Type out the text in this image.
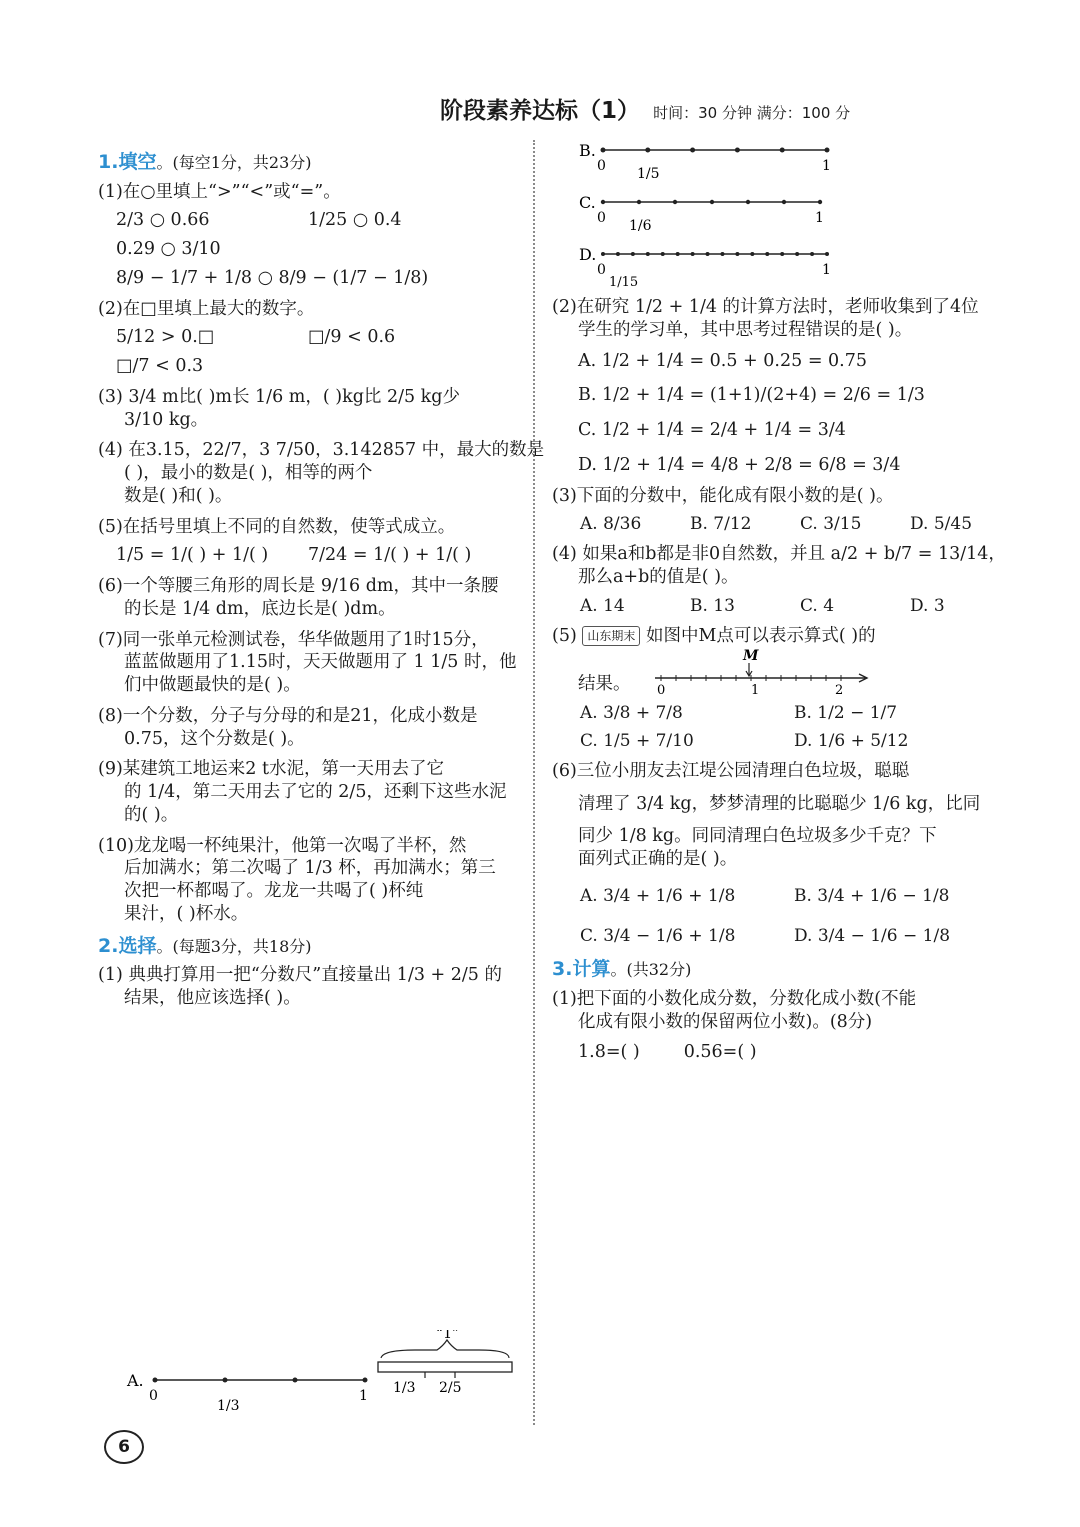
阶段素养达标（1） 时间：30 分钟 满分：100 分
B.
0 1/5	1
C.
0 1/6	1
D.
0
1/15
1
1.填空。(每空1分，共23分)

(1)在○里填上“>”“<”或“=”。

2/3 ○ 0.66	1/25 ○ 0.4

0.29 ○ 3/10

8/9 − 1/7 + 1/8 ○ 8/9 − (1/7 − 1/8)

(2)在□里填上最大的数字。

5/12 > 0.□	□/9 < 0.6

□/7 < 0.3

(3) 3/4 m比( )m长 1/6 m，( )kg比 2/5 kg少

3/10 kg。

(4) 在3.15，22/7，3 7/50，3.142857 中，最大的数是

( )，最小的数是( )，相等的两个

数是( )和( )。

(5)在括号里填上不同的自然数，使等式成立。

1/5 = 1/( ) + 1/( )	7/24 = 1/( ) + 1/( )

(6)一个等腰三角形的周长是 9/16 dm，其中一条腰

的长是 1/4 dm，底边长是( )dm。

(7)同一张单元检测试卷，华华做题用了1时15分，

蓝蓝做题用了1.15时，天天做题用了 1 1/5 时，他

们中做题最快的是( )。

(8)一个分数，分子与分母的和是21，化成小数是

0.75，这个分数是( )。

(9)某建筑工地运来2 t水泥，第一天用去了它

的 1/4，第二天用去了它的 2/5，还剩下这些水泥

的( )。

(10)龙龙喝一杯纯果汁，他第一次喝了半杯，然

后加满水；第二次喝了 1/3 杯，再加满水；第三

次把一杯都喝了。龙龙一共喝了( )杯纯

果汁，( )杯水。

2.选择。(每题3分，共18分)

(1) 典典打算用一把“分数尺”直接量出 1/3 + 2/5 的

结果，他应该选择( )。

A.
0
1/3
1
“1”
1/3 2/5

(2)在研究 1/2 + 1/4 的计算方法时，老师收集到了4位

学生的学习单，其中思考过程错误的是( )。

A. 1/2 + 1/4 = 0.5 + 0.25 = 0.75

B. 1/2 + 1/4 = (1+1)/(2+4) = 2/6 = 1/3

C. 1/2 + 1/4 = 2/4 + 1/4 = 3/4

D. 1/2 + 1/4 = 4/8 + 2/8 = 6/8 = 3/4

(3)下面的分数中，能化成有限小数的是( )。

A. 8/36	B. 7/12	C. 3/15	D. 5/45

(4) 如果a和b都是非0自然数，并且 a/2 + b/7 = 13/14，

那么a+b的值是( )。

A. 14	B. 13	C. 4	D. 3

(5) 山东期末 如图中M点可以表示算式( )的

结果。 0	1	2
M

A. 3/8 + 7/8	B. 1/2 − 1/7

C. 1/5 + 7/10	D. 1/6 + 5/12

(6)三位小朋友去江堤公园清理白色垃圾，聪聪

清理了 3/4 kg，梦梦清理的比聪聪少 1/6 kg，比同

同少 1/8 kg。同同清理白色垃圾多少千克？下

面列式正确的是( )。

A. 3/4 + 1/6 + 1/8	B. 3/4 + 1/6 − 1/8

C. 3/4 − 1/6 + 1/8	D. 3/4 − 1/6 − 1/8

3.计算。(共32分)

(1)把下面的小数化成分数，分数化成小数(不能

化成有限小数的保留两位小数)。(8分)

1.8=( )	0.56=( )

6
